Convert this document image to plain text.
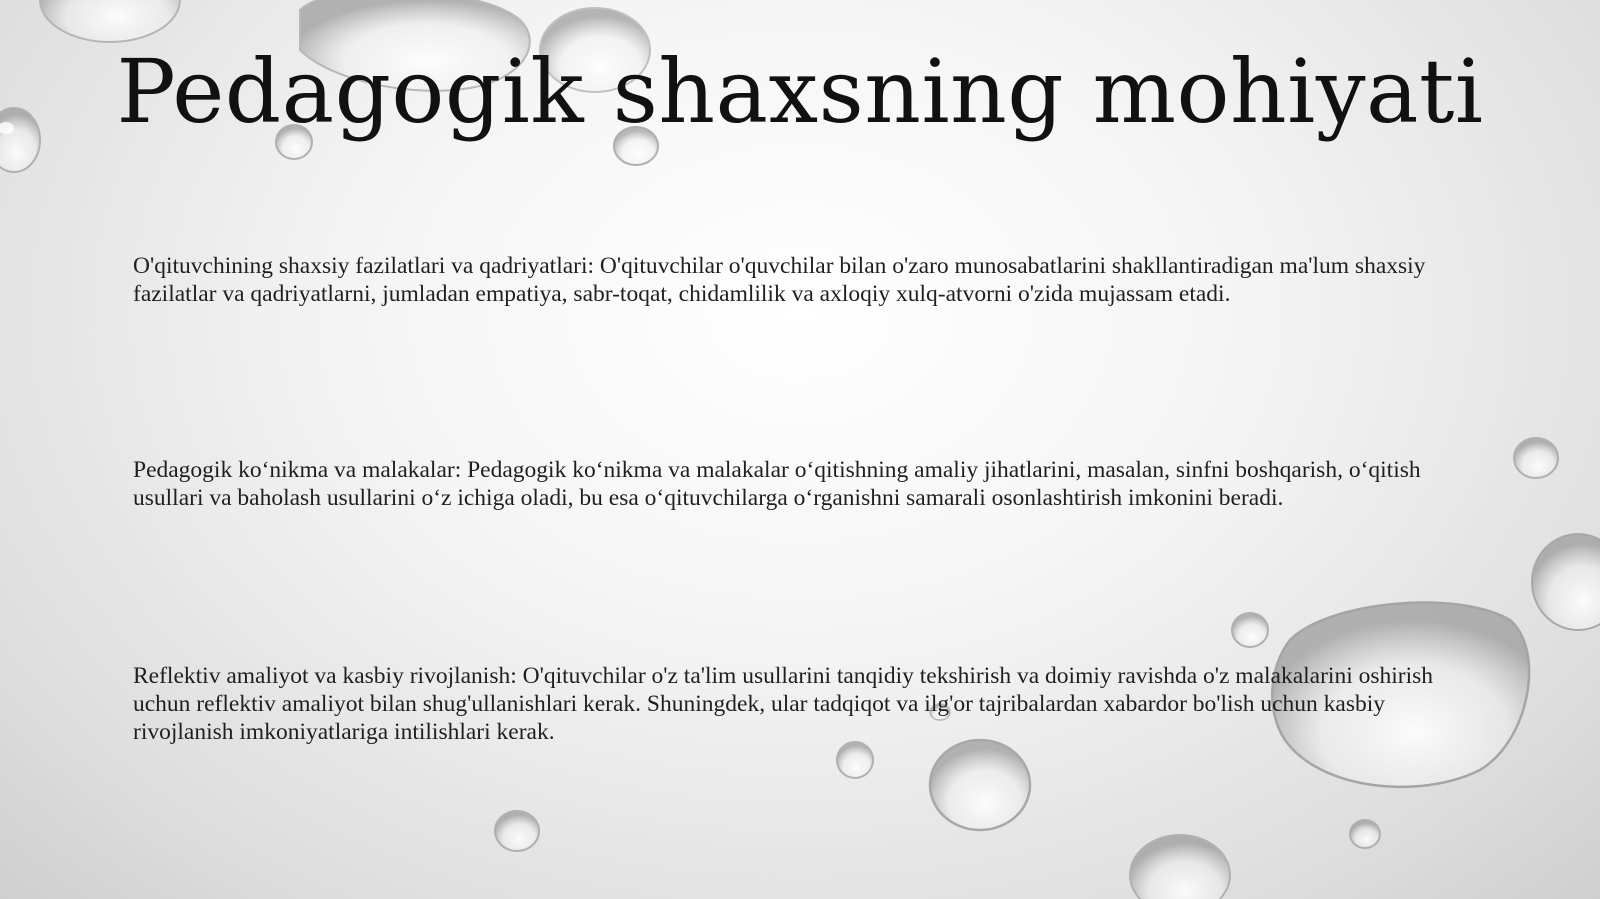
Pedagogik shaxsning mohiyati

O'qituvchining shaxsiy fazilatlari va qadriyatlari: O'qituvchilar o'quvchilar bilan o'zaro munosabatlarini shakllantiradigan ma'lum shaxsiy fazilatlar va qadriyatlarni, jumladan empatiya, sabr-toqat, chidamlilik va axloqiy xulq-atvorni o'zida mujassam etadi.

Pedagogik ko‘nikma va malakalar: Pedagogik ko‘nikma va malakalar o‘qitishning amaliy jihatlarini, masalan, sinfni boshqarish, o‘qitish usullari va baholash usullarini o‘z ichiga oladi, bu esa o‘qituvchilarga o‘rganishni samarali osonlashtirish imkonini beradi.

Reflektiv amaliyot va kasbiy rivojlanish: O'qituvchilar o'z ta'lim usullarini tanqidiy tekshirish va doimiy ravishda o'z malakalarini oshirish uchun reflektiv amaliyot bilan shug'ullanishlari kerak. Shuningdek, ular tadqiqot va ilg'or tajribalardan xabardor bo'lish uchun kasbiy rivojlanish imkoniyatlariga intilishlari kerak.
